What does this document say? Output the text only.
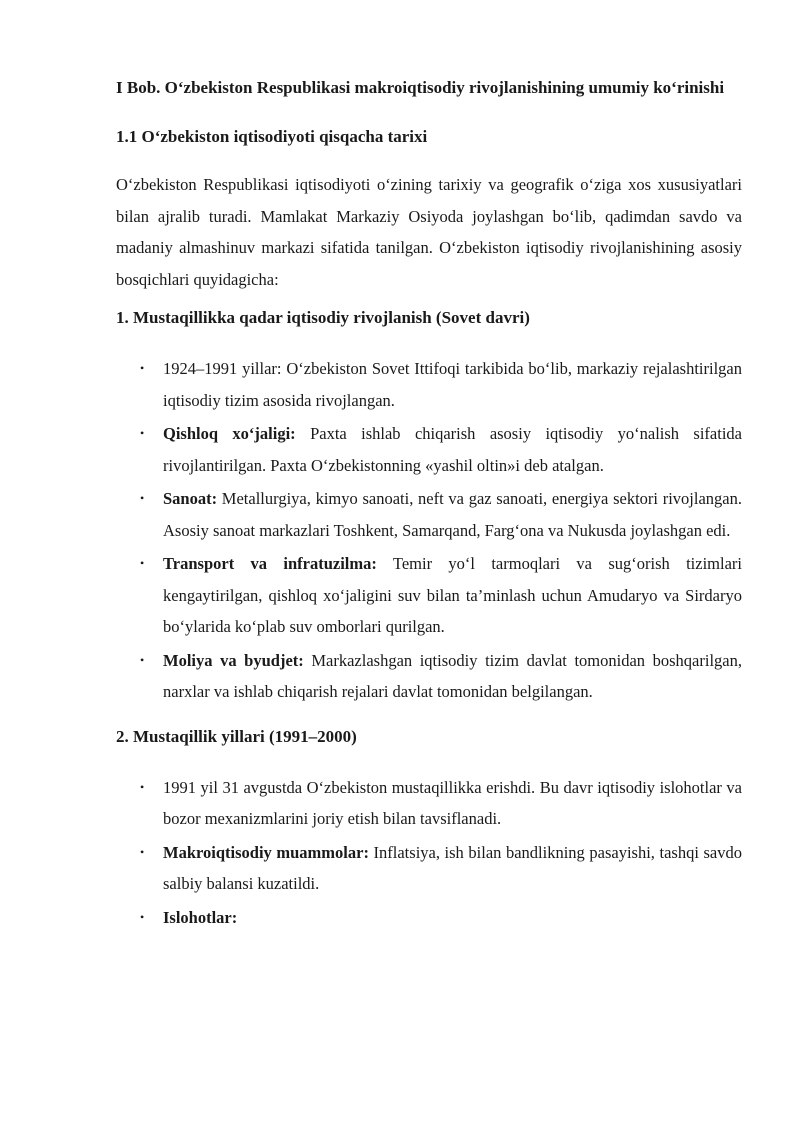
I Bob. O‘zbekiston Respublikasi makroiqtisodiy rivojlanishining umumiy ko‘rinishi

1.1 O‘zbekiston iqtisodiyoti qisqacha tarixi

O‘zbekiston Respublikasi iqtisodiyoti o‘zining tarixiy va geografik o‘ziga xos xususiyatlari bilan ajralib turadi. Mamlakat Markaziy Osiyoda joylashgan bo‘lib, qadimdan savdo va madaniy almashinuv markazi sifatida tanilgan. O‘zbekiston iqtisodiy rivojlanishining asosiy bosqichlari quyidagicha:

1. Mustaqillikka qadar iqtisodiy rivojlanish (Sovet davri)

• 1924–1991 yillar: O‘zbekiston Sovet Ittifoqi tarkibida bo‘lib, markaziy rejalashtirilgan iqtisodiy tizim asosida rivojlangan.
• Qishloq xo‘jaligi: Paxta ishlab chiqarish asosiy iqtisodiy yo‘nalish sifatida rivojlantirilgan. Paxta O‘zbekistonning «yashil oltin»i deb atalgan.
• Sanoat: Metallurgiya, kimyo sanoati, neft va gaz sanoati, energiya sektori rivojlangan. Asosiy sanoat markazlari Toshkent, Samarqand, Farg‘ona va Nukusda joylashgan edi.
• Transport va infratuzilma: Temir yo‘l tarmoqlari va sug‘orish tizimlari kengaytirilgan, qishloq xo‘jaligini suv bilan ta’minlash uchun Amudaryo va Sirdaryo bo‘ylarida ko‘plab suv omborlari qurilgan.
• Moliya va byudjet: Markazlashgan iqtisodiy tizim davlat tomonidan boshqarilgan, narxlar va ishlab chiqarish rejalari davlat tomonidan belgilangan.

2. Mustaqillik yillari (1991–2000)

• 1991 yil 31 avgustda O‘zbekiston mustaqillikka erishdi. Bu davr iqtisodiy islohotlar va bozor mexanizmlarini joriy etish bilan tavsiflanadi.
• Makroiqtisodiy muammolar: Inflatsiya, ish bilan bandlikning pasayishi, tashqi savdo salbiy balansi kuzatildi.
• Islohotlar:
